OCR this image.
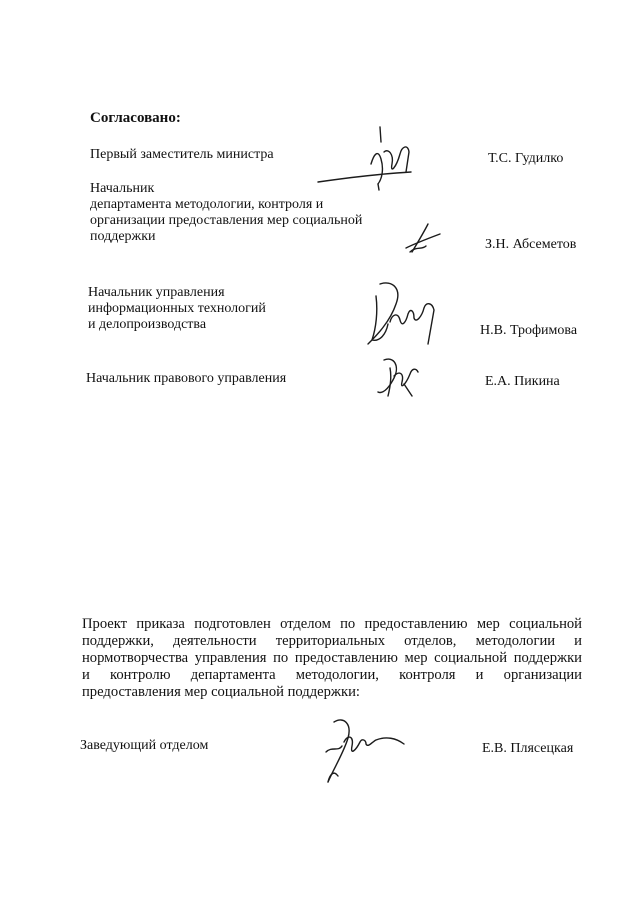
Согласовано:
Первый заместитель министра	Т.С. Гудилко
Начальник
департамента методологии, контроля и
организации предоставления мер социальной
поддержки
З.Н. Абсеметов
Начальник управления
информационных технологий
и делопроизводства	Н.В. Трофимова
Начальник правового управления	Е.А. Пикина
Проект приказа подготовлен отделом по предоставлению мер социальной
поддержки, деятельности территориальных отделов, методологии и
нормотворчества управления по предоставлению мер социальной поддержки
и контролю департамента методологии, контроля и организации
предоставления мер социальной поддержки:
Заведующий отделом	Е.В. Плясецкая
